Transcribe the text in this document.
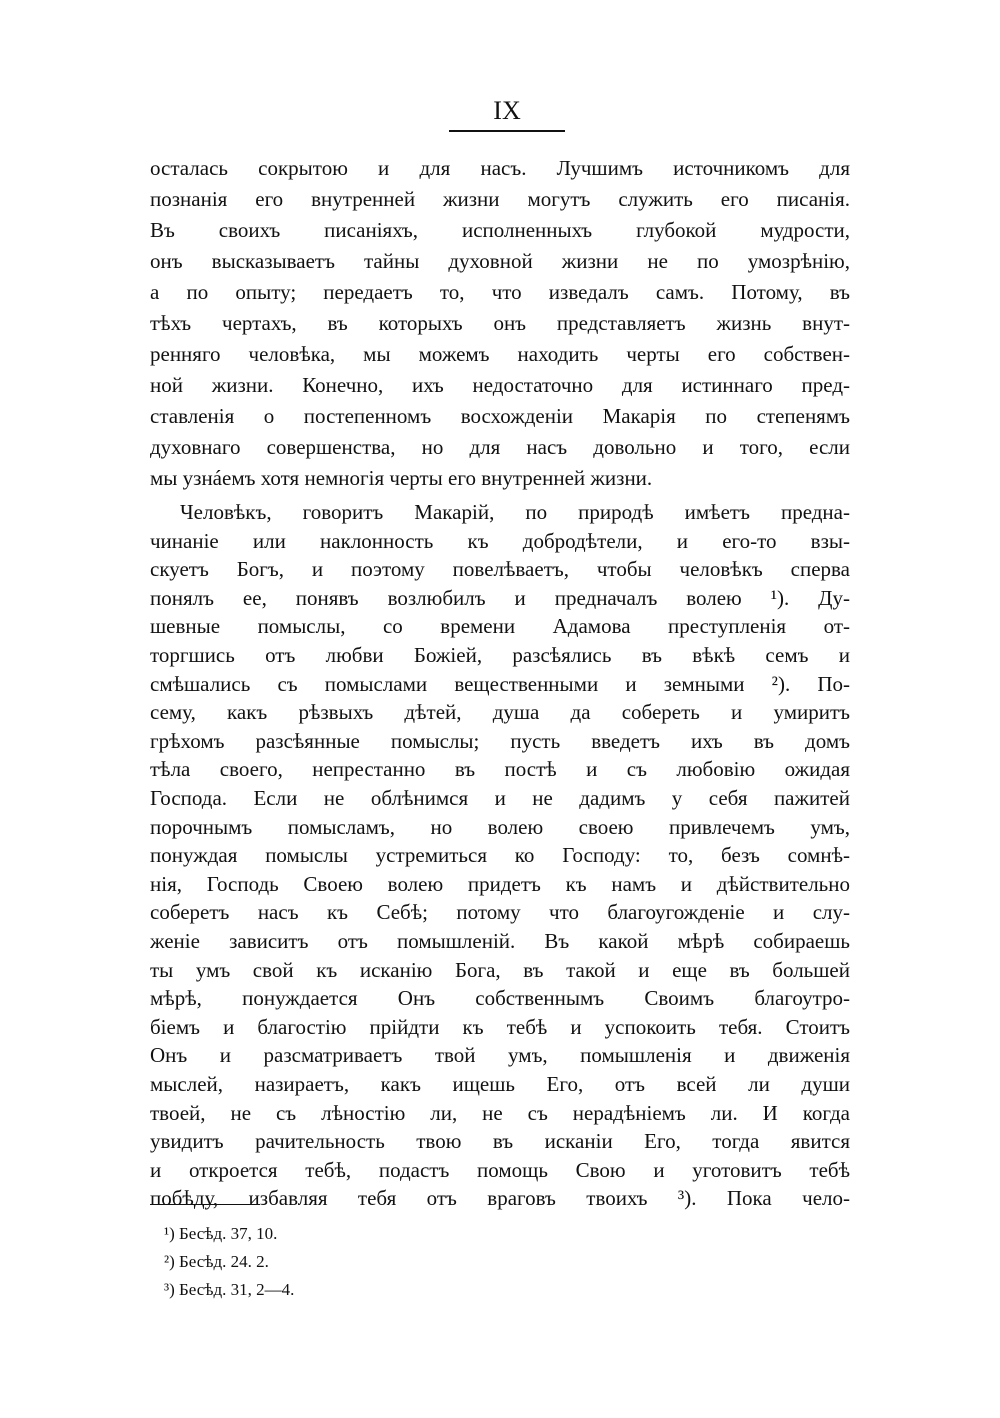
IX
осталась сокрытою и для насъ. Лучшимъ источникомъ для
познанія его внутренней жизни могутъ служить его писанія.
Въ своихъ писаніяхъ, исполненныхъ глубокой мудрости,
онъ высказываетъ тайны духовной жизни не по умозрѣнію,
а по опыту; передаетъ то, что изведалъ самъ. Потому, въ
тѣхъ чертахъ, въ которыхъ онъ представляетъ жизнь внут-
ренняго человѣка, мы можемъ находить черты его собствен-
ной жизни. Конечно, ихъ недостаточно для истиннаго пред-
ставленія о постепенномъ восхожденіи Макарія по степенямъ
духовнаго совершенства, но для насъ довольно и того, если
мы узнáемъ хотя немногія черты его внутренней жизни.
Человѣкъ, говоритъ Макарій, по природѣ имѣетъ предна-
чинаніе или наклонность къ добродѣтели, и его-то взы-
скуетъ Богъ, и поэтому повелѣваетъ, чтобы человѣкъ сперва
понялъ ее, понявъ возлюбилъ и предначалъ волею ¹). Ду-
шевные помыслы, со времени Адамова преступленія от-
торгшись отъ любви Божіей, разсѣялись въ вѣкѣ семъ и
смѣшались съ помыслами вещественными и земными ²). По-
сему, какъ рѣзвыхъ дѣтей, душа да собереть и умиритъ
грѣхомъ разсѣянные помыслы; пусть введетъ ихъ въ домъ
тѣла своего, непрестанно въ постѣ и съ любовію ожидая
Господа. Если не облѣнимся и не дадимъ у себя пажитей
порочнымъ помысламъ, но волею своею привлечемъ умъ,
понуждая помыслы устремиться ко Господу: то, безъ сомнѣ-
нія, Господь Своею волею придетъ къ намъ и дѣйствительно
соберетъ насъ къ Себѣ; потому что благоугожденіе и слу-
женіе зависитъ отъ помышленій. Въ какой мѣрѣ собираешь
ты умъ свой къ исканію Бога, въ такой и еще въ большей
мѣрѣ, понуждается Онъ собственнымъ Своимъ благоутро-
біемъ и благостію прійдти къ тебѣ и успокоить тебя. Стоитъ
Онъ и разсматриваетъ твой умъ, помышленія и движенія
мыслей, назираетъ, какъ ищешь Его, отъ всей ли души
твоей, не съ лѣностію ли, не съ нерадѣніемъ ли. И когда
увидитъ рачительность твою въ исканіи Его, тогда явится
и откроется тебѣ, подастъ помощь Свою и уготовитъ тебѣ
побѣду, избавляя тебя отъ враговъ твоихъ ³). Пока чело-
¹) Бесѣд. 37, 10.
²) Бесѣд. 24. 2.
³) Бесѣд. 31, 2—4.
